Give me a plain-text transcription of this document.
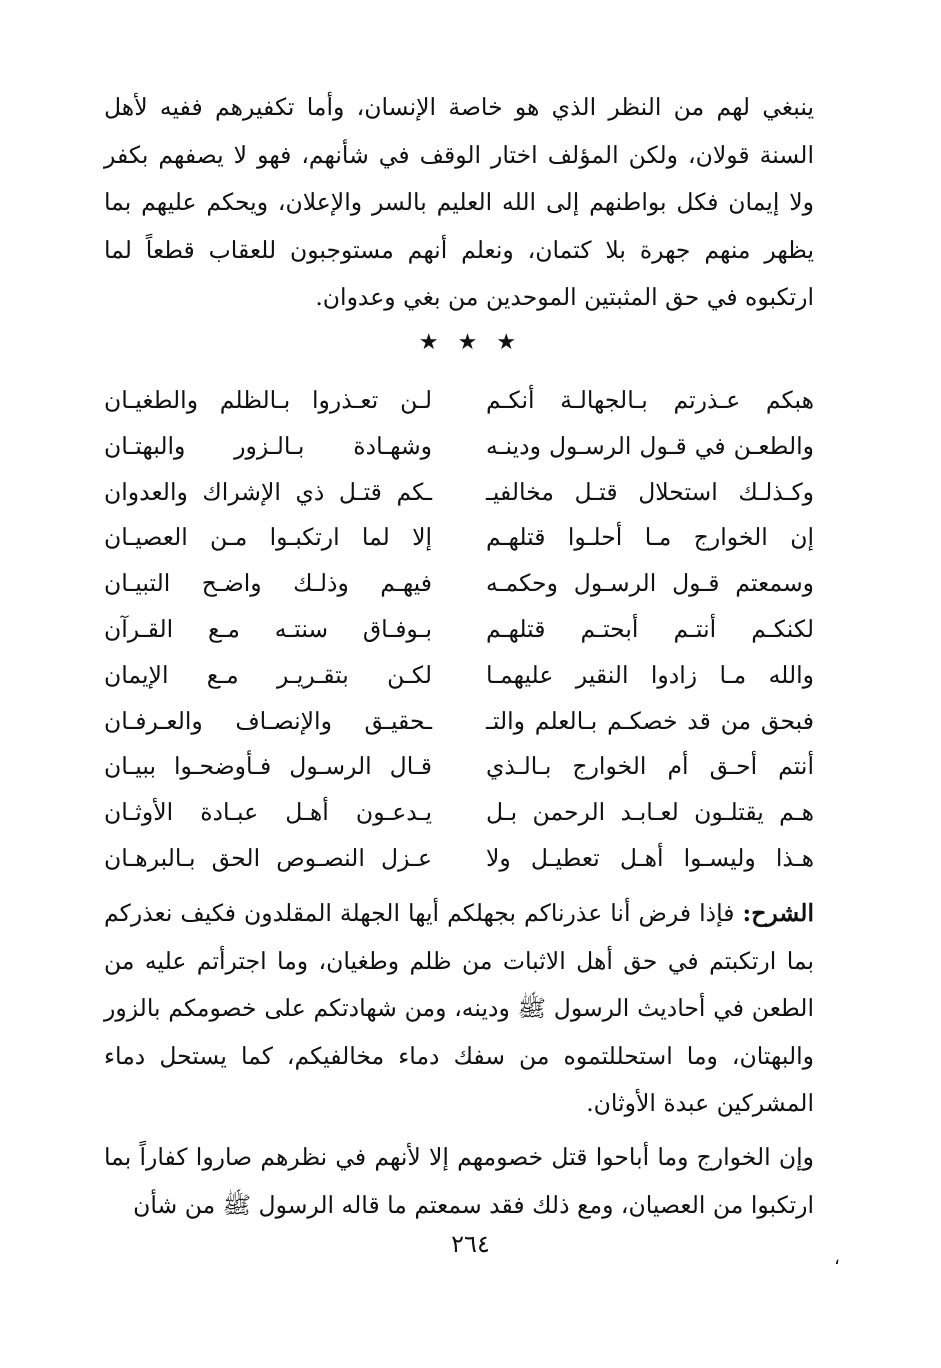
ينبغي لهم من النظر الذي هو خاصة الإنسان، وأما تكفيرهم ففيه لأهل السنة قولان، ولكن المؤلف اختار الوقف في شأنهم، فهو لا يصفهم بكفر ولا إيمان فكل بواطنهم إلى الله العليم بالسر والإعلان، ويحكم عليهم بما يظهر منهم جهرة بلا كتمان، ونعلم أنهم مستوجبون للعقاب قطعاً لما ارتكبوه في حق المثبتين الموحدين من بغي وعدوان.

★ ★ ★
هبكم عـذرتم بـالجهالـة أنكـم
لـن تعـذروا بـالظلم والطغيـان
والطعـن في قـول الرسـول ودينـه
وشهـادة بـالـزور والبهتـان
وكـذلـك استحلال قتـل مخالفيـ
ـكم قتـل ذي الإشراك والعدوان
إن الخوارج مـا أحلـوا قتلهـم
إلا لما ارتكبـوا مـن العصيـان
وسمعتم قـول الرسـول وحكمـه
فيهـم وذلـك واضـح التبيـان
لكنكـم أنتـم أبحتـم قتلهـم
بـوفـاق سنتـه مـع القـرآن
والله مـا زادوا النقير عليهمـا
لكـن بتقـريـر مـع الإيمان
فبحق من قد خصكـم بـالعلم والتـ
ـحقيـق والإنصـاف والعـرفـان
أنتم أحـق أم الخوارج بـالـذي
قـال الرسـول فـأوضحـوا ببيـان
هـم يقتلـون لعـابـد الرحمن بـل
يـدعـون أهـل عبـادة الأوثـان
هـذا وليسـوا أهـل تعطيـل ولا
عـزل النصـوص الحق بـالبرهـان

الشرح: فإذا فرض أنا عذرناكم بجهلكم أيها الجهلة المقلدون فكيف نعذركم بما ارتكبتم في حق أهل الاثبات من ظلم وطغيان، وما اجترأتم عليه من الطعن في أحاديث الرسول ﷺ ودينه، ومن شهادتكم على خصومكم بالزور والبهتان، وما استحللتموه من سفك دماء مخالفيكم، كما يستحل دماء المشركين عبدة الأوثان.

وإن الخوارج وما أباحوا قتل خصومهم إلا لأنهم في نظرهم صاروا كفاراً بما ارتكبوا من العصيان، ومع ذلك فقد سمعتم ما قاله الرسول ﷺ من شأن

٢٦٤
،
